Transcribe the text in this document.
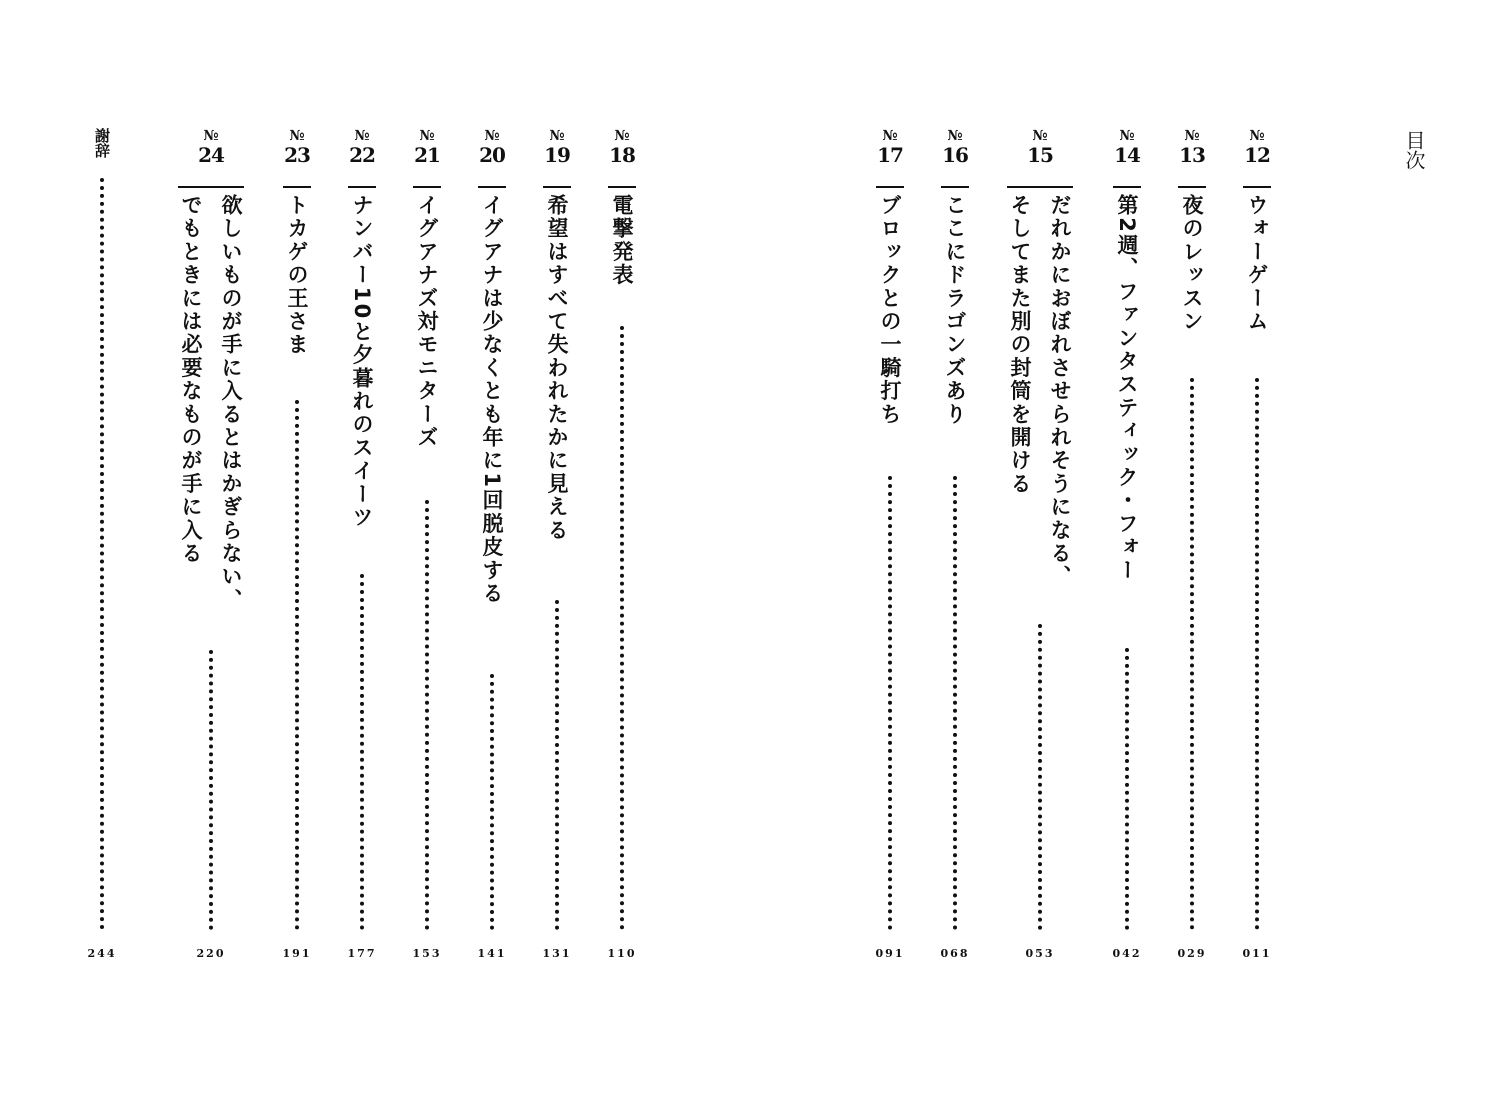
目次
№
12
ウォーゲーム
011
№
13
夜のレッスン
029
№
14
第2週、ファンタスティック・フォー
042
№
15
だれかにおぼれさせられそうになる、
そしてまた別の封筒を開ける
053
№
16
ここにドラゴンズあり
068
№
17
ブロックとの一騎打ち
091
№
18
電撃発表
110
№
19
希望はすべて失われたかに見える
131
№
20
イグアナは少なくとも年に1回脱皮する
141
№
21
イグアナズ対モニターズ
153
№
22
ナンバー10と夕暮れのスイーツ
177
№
23
トカゲの王さま
191
№
24
欲しいものが手に入るとはかぎらない、
でもときには必要なものが手に入る
220
244
謝辞
